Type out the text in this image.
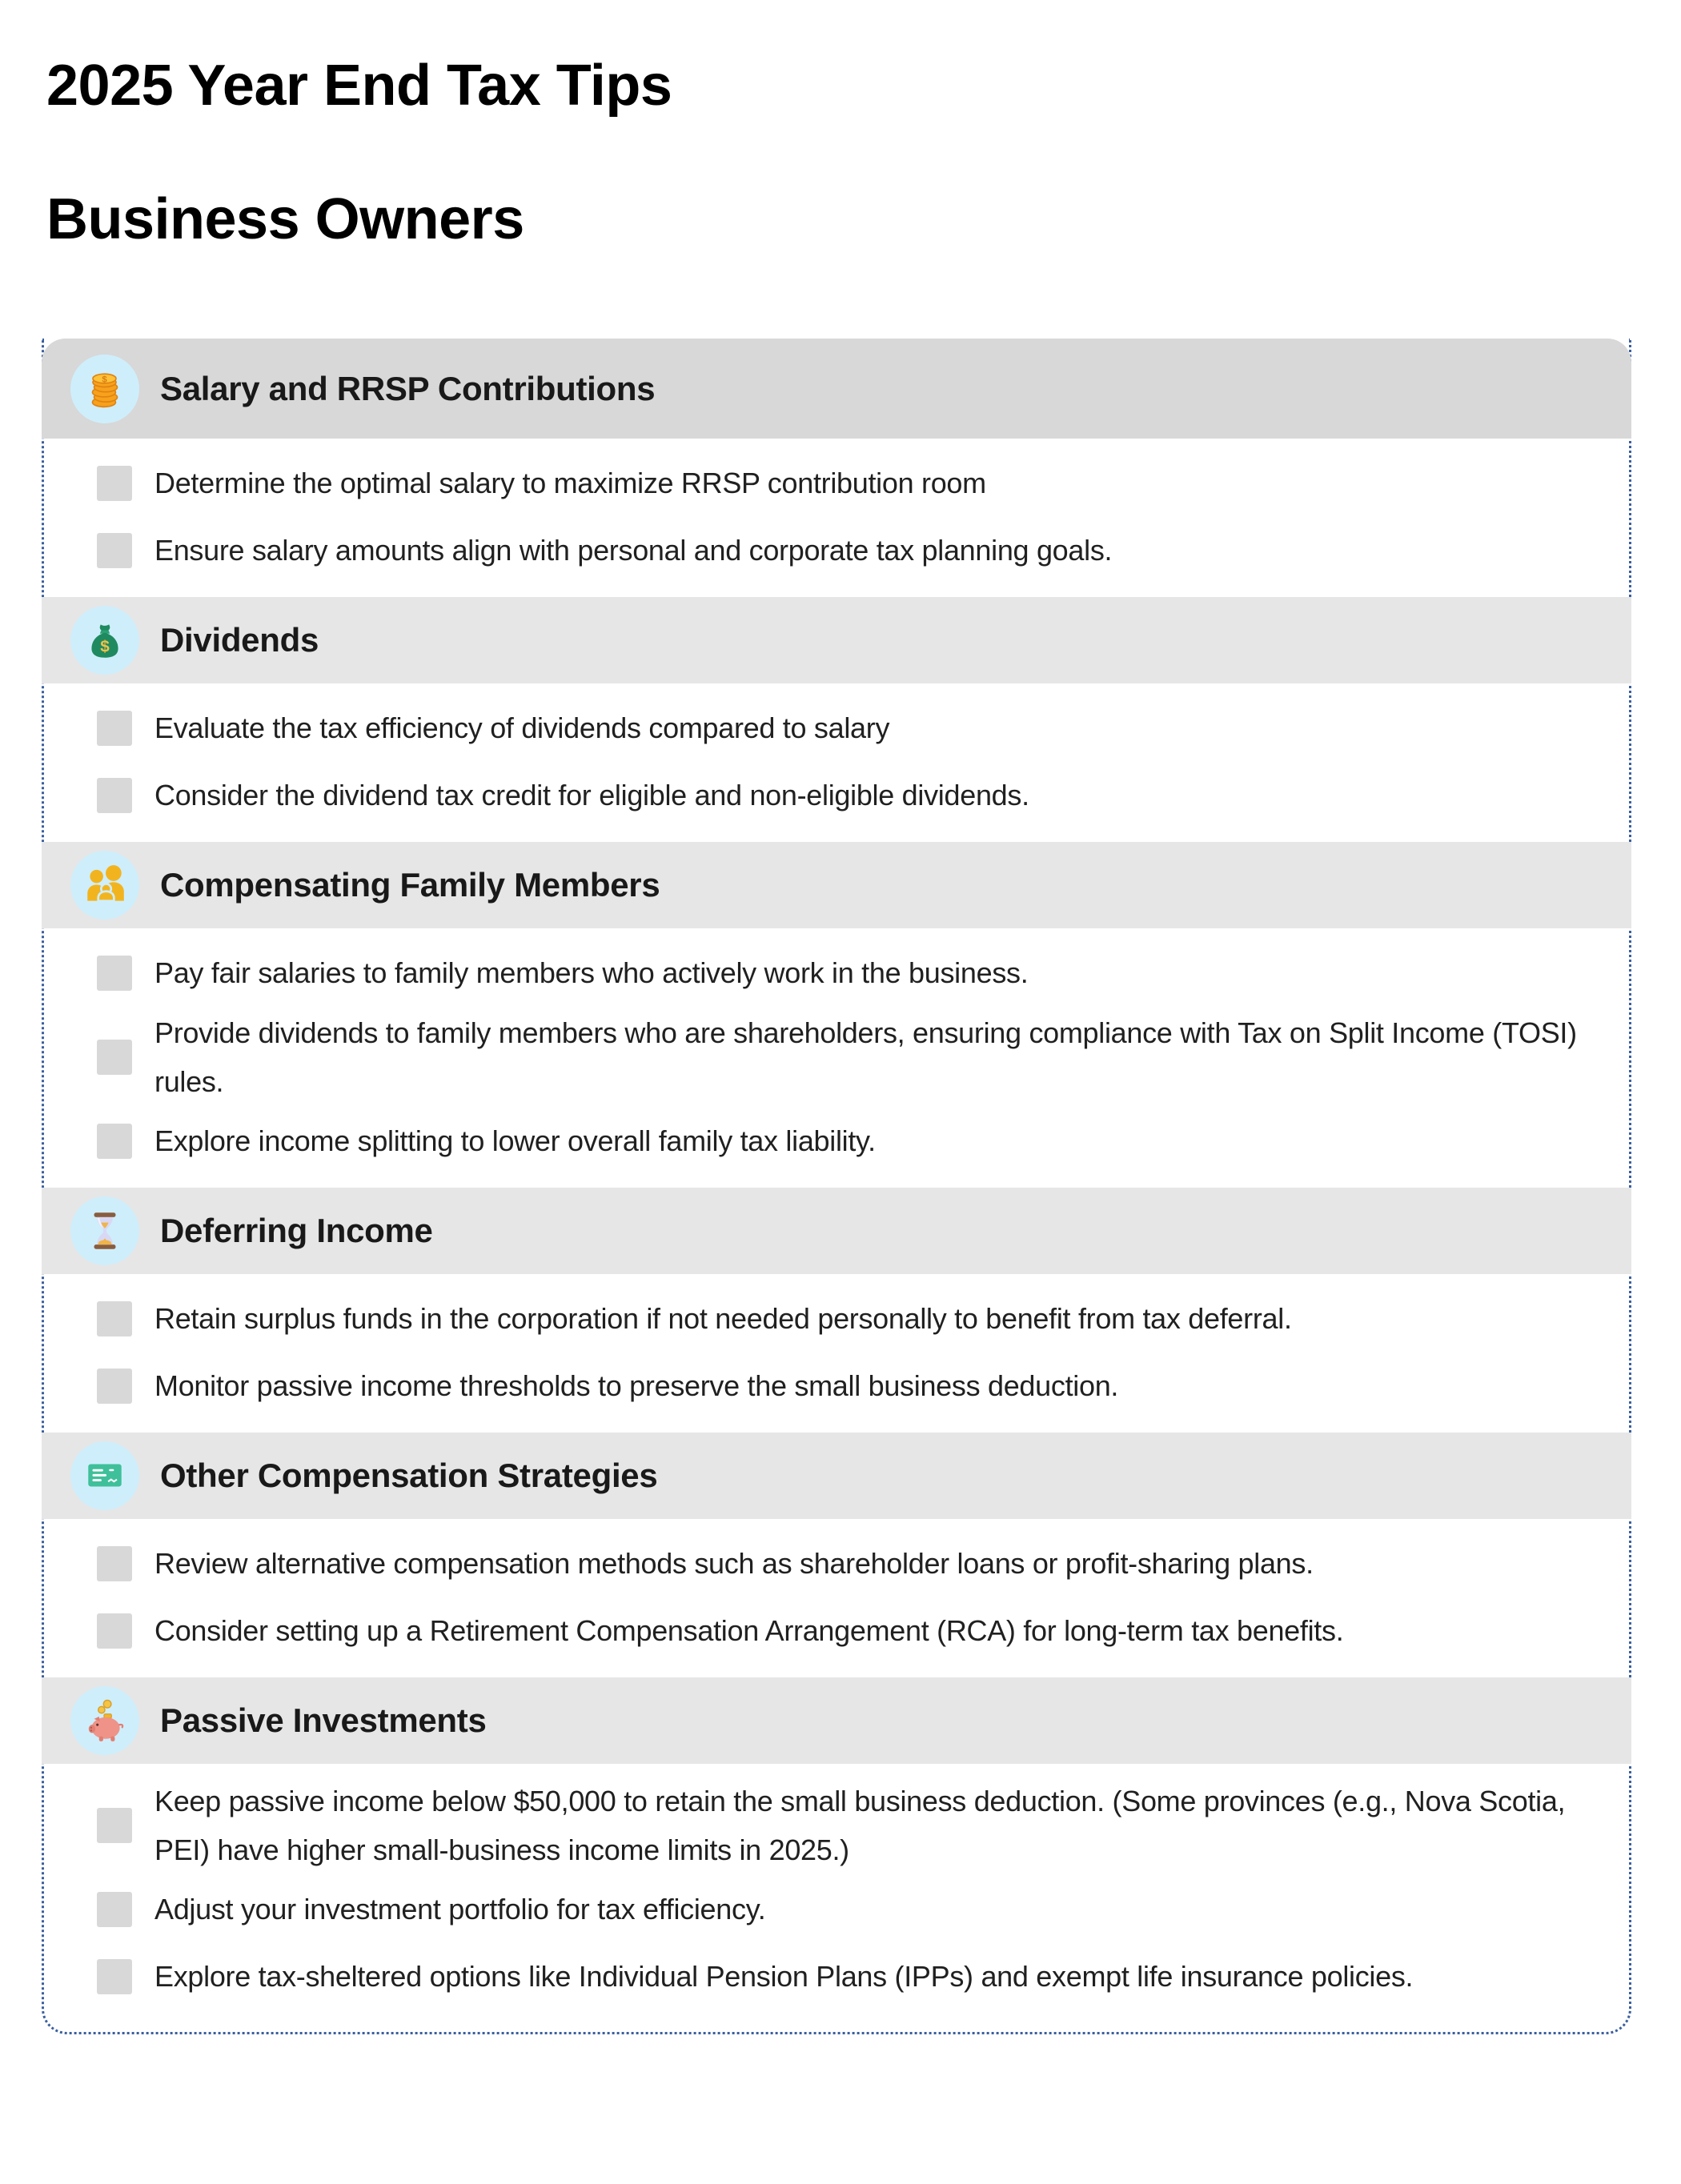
2025 Year End Tax Tips

Business Owners
$ Salary and RRSP Contributions

Determine the optimal salary to maximize RRSP contribution room

Ensure salary amounts align with personal and corporate tax planning goals.

$ Dividends

Evaluate the tax efficiency of dividends compared to salary

Consider the dividend tax credit for eligible and non-eligible dividends.

Compensating Family Members

Pay fair salaries to family members who actively work in the business.

Provide dividends to family members who are shareholders, ensuring compliance with Tax on Split Income (TOSI) rules.

Explore income splitting to lower overall family tax liability.

Deferring Income

Retain surplus funds in the corporation if not needed personally to benefit from tax deferral.

Monitor passive income thresholds to preserve the small business deduction.

Other Compensation Strategies

Review alternative compensation methods such as shareholder loans or profit-sharing plans.

Consider setting up a Retirement Compensation Arrangement (RCA) for long-term tax benefits.

Passive Investments

Keep passive income below $50,000 to retain the small business deduction. (Some provinces (e.g., Nova Scotia, PEI) have higher small-business income limits in 2025.)

Adjust your investment portfolio for tax efficiency.

Explore tax-sheltered options like Individual Pension Plans (IPPs) and exempt life insurance policies.
